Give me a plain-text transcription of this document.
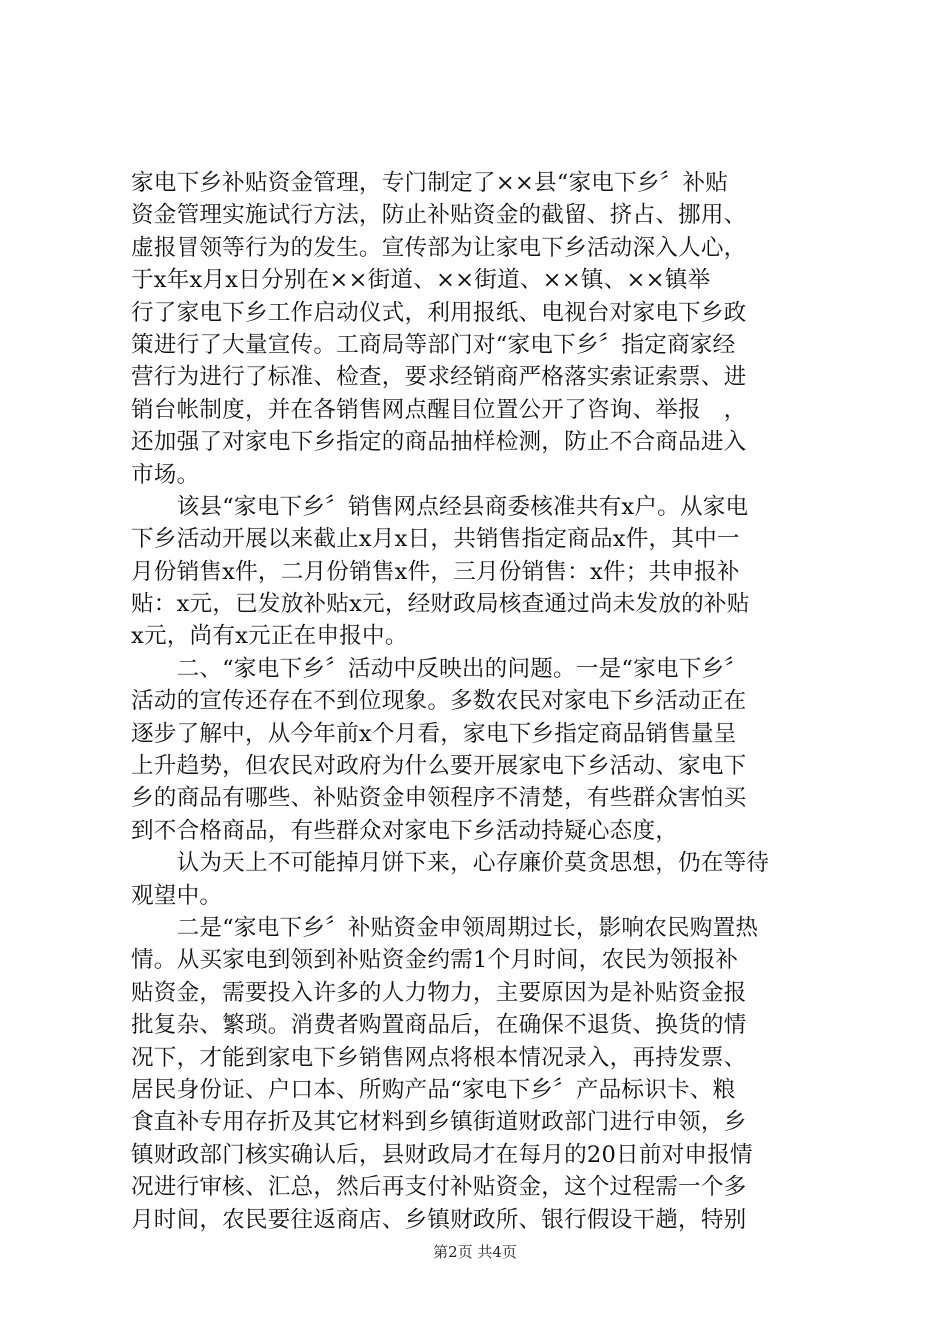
家电下乡补贴资金管理，专门制定了××县“家电下乡〞补贴
资金管理实施试行方法，防止补贴资金的截留、挤占、挪用、
虚报冒领等行为的发生。宣传部为让家电下乡活动深入人心，
于x年x月x日分别在××街道、××街道、××镇、××镇举
行了家电下乡工作启动仪式，利用报纸、电视台对家电下乡政
策进行了大量宣传。工商局等部门对“家电下乡〞指定商家经
营行为进行了标准、检查，要求经销商严格落实索证索票、进
销台帐制度，并在各销售网点醒目位置公开了咨询、举报　，
还加强了对家电下乡指定的商品抽样检测，防止不合商品进入
市场。
　　该县“家电下乡〞销售网点经县商委核准共有x户。从家电
下乡活动开展以来截止x月x日，共销售指定商品x件，其中一
月份销售x件，二月份销售x件，三月份销售：x件；共申报补
贴：x元，已发放补贴x元，经财政局核查通过尚未发放的补贴
x元，尚有x元正在申报中。
　　二、“家电下乡〞活动中反映出的问题。一是“家电下乡〞
活动的宣传还存在不到位现象。多数农民对家电下乡活动正在
逐步了解中，从今年前x个月看，家电下乡指定商品销售量呈
上升趋势，但农民对政府为什么要开展家电下乡活动、家电下
乡的商品有哪些、补贴资金申领程序不清楚，有些群众害怕买
到不合格商品，有些群众对家电下乡活动持疑心态度，
　　认为天上不可能掉月饼下来，心存廉价莫贪思想，仍在等待
观望中。
　　二是“家电下乡〞补贴资金申领周期过长，影响农民购置热
情。从买家电到领到补贴资金约需1个月时间，农民为领报补
贴资金，需要投入许多的人力物力，主要原因为是补贴资金报
批复杂、繁琐。消费者购置商品后，在确保不退货、换货的情
况下，才能到家电下乡销售网点将根本情况录入，再持发票、
居民身份证、户口本、所购产品“家电下乡〞产品标识卡、粮
食直补专用存折及其它材料到乡镇街道财政部门进行申领，乡
镇财政部门核实确认后，县财政局才在每月的20日前对申报情
况进行审核、汇总，然后再支付补贴资金，这个过程需一个多
月时间，农民要往返商店、乡镇财政所、银行假设干趟，特别
第2页 共4页
